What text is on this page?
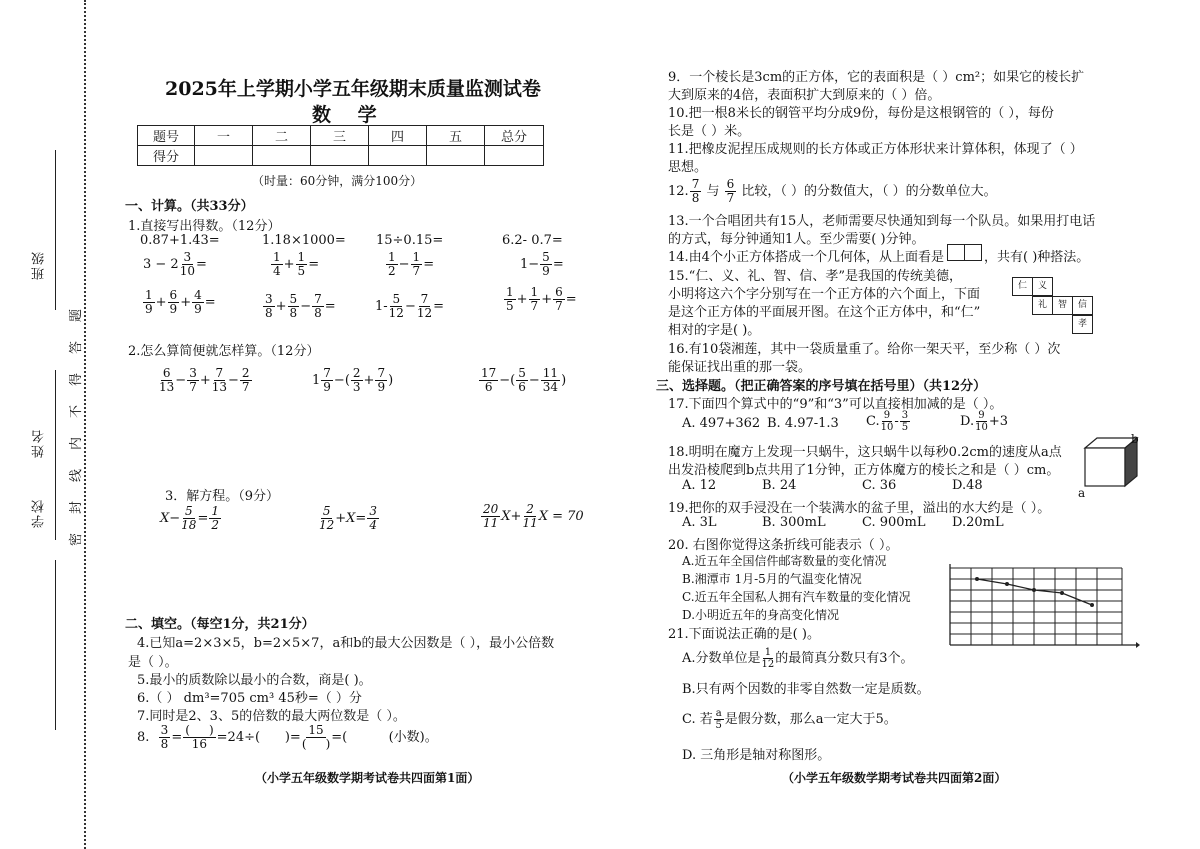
班级
姓名
学校
密
封
线
内
不
得
答
题
2025年上学期小学五年级期末质量监测试卷
数 学
题号	一	二	三	四	五	总分
得分						
（时量：60分钟，满分100分）
一、计算。（共33分）
1.直接写出得数。（12分）
0.87+1.43=	1.18×1000= 15÷0.15=	6.2- 0.7=
$3 - 2 \frac{3}{10}$ =	$\frac{1}{4} + \frac{1}{5}$ =	$\frac{1}{2} - \frac{1}{7}$ =	$1- \frac{5}{9}$ =
$\frac{1}{9} + \frac{6}{9} + \frac{4}{9}$ =	$\frac{3}{8} + \frac{5}{8} - \frac{7}{8}$ =	$1- \frac{5}{12} - \frac{7}{12}$ =	$\frac{1}{5} + \frac{1}{7} + \frac{6}{7}$ =
2.怎么算简便就怎样算。（12分）
$\frac{6}{13} - \frac{3}{7} + \frac{7}{13} - \frac{2}{7}$	$1 \frac{7}{9}$ −( $\frac{2}{3} + \frac{7}{9}$ )	$\frac{17}{6}$ −( $\frac{5}{6} - \frac{11}{34}$ )
3．解方程。（9分）
$X- \frac{5}{18} = \frac{1}{2}$	$\frac{5}{12} +X= \frac{3}{4}$	$\frac{20}{11} X+ \frac{2}{11}$ X = 70
二、填空。（每空1分，共21分）
4.已知a=2×3×5，b=2×5×7，a和b的最大公因数是（ ），最小公倍数
是（ ）。
5.最小的质数除以最小的合数，商是( )。
6.（ ） dm³=705 cm³ 45秒=（ ）分
7.同时是2、3、5的倍数的最大两位数是（ ）。
8. $\frac{3}{8}$ = (     )
16 =24÷(      )= 15
(     ) =(          (小数)。
（小学五年级数学期考试卷共四面第1面）
9．一个棱长是3cm的正方体，它的表面积是（ ）cm²；如果它的棱长扩
大到原来的4倍，表面积扩大到原来的（ ）倍。
10.把一根8米长的钢管平均分成9份，每份是这根钢管的（ ），每份
长是（ ）米。
11.把橡皮泥捏压成规则的长方体或正方体形状来计算体积，体现了（ ）
思想。
12. $\frac{7}{8}$ 与 $\frac{6}{7}$ 比较，（ ）的分数值大，（ ）的分数单位大。
13.一个合唱团共有15人，老师需要尽快通知到每一个队员。如果用打电话
的方式，每分钟通知1人。至少需要( )分钟。
14.由4个小正方体搭成一个几何体，从上面看是	，共有( )种搭法。
15.“仁、义、礼、智、信、孝”是我国的传统美德，
小明将这六个字分别写在一个正方体的六个面上，下面
是这个正方体的平面展开图。在这个正方体中，和“仁”
相对的字是( )。
仁	义
礼	智	信
孝
16.有10袋湘莲，其中一袋质量重了。给你一架天平，至少称（ ）次
能保证找出重的那一袋。
三、选择题。（把正确答案的序号填在括号里）（共12分）
17.下面四个算式中的“9”和“3”可以直接相加减的是（ ）。
A. 497+362 B. 4.97-1.3 C. $\frac{9}{10} - \frac{3}{5}$	D. $\frac{9}{10} +3$
18.明明在魔方上发现一只蜗牛，这只蜗牛以每秒0.2cm的速度从a点
出发沿棱爬到b点共用了1分钟，正方体魔方的棱长之和是（ ）cm。
A. 12	B. 24	C. 36	D.48	a
b
19.把你的双手浸没在一个装满水的盆子里，溢出的水大约是（ ）。
A. 3L	B. 300mL	C. 900mL D.20mL
20. 右图你觉得这条折线可能表示（ ）。
A.近五年全国信件邮寄数量的变化情况
B.湘潭市 1月-5月的气温变化情况
C.近五年全国私人拥有汽车数量的变化情况
D.小明近五年的身高变化情况
21.下面说法正确的是( )。
A.分数单位是 $\frac{1}{12}$ 的最简真分数只有3个。
B.只有两个因数的非零自然数一定是质数。
C. 若 $\frac{a}{5}$ 是假分数，那么a一定大于5。
D. 三角形是轴对称图形。
（小学五年级数学期考试卷共四面第2面）
